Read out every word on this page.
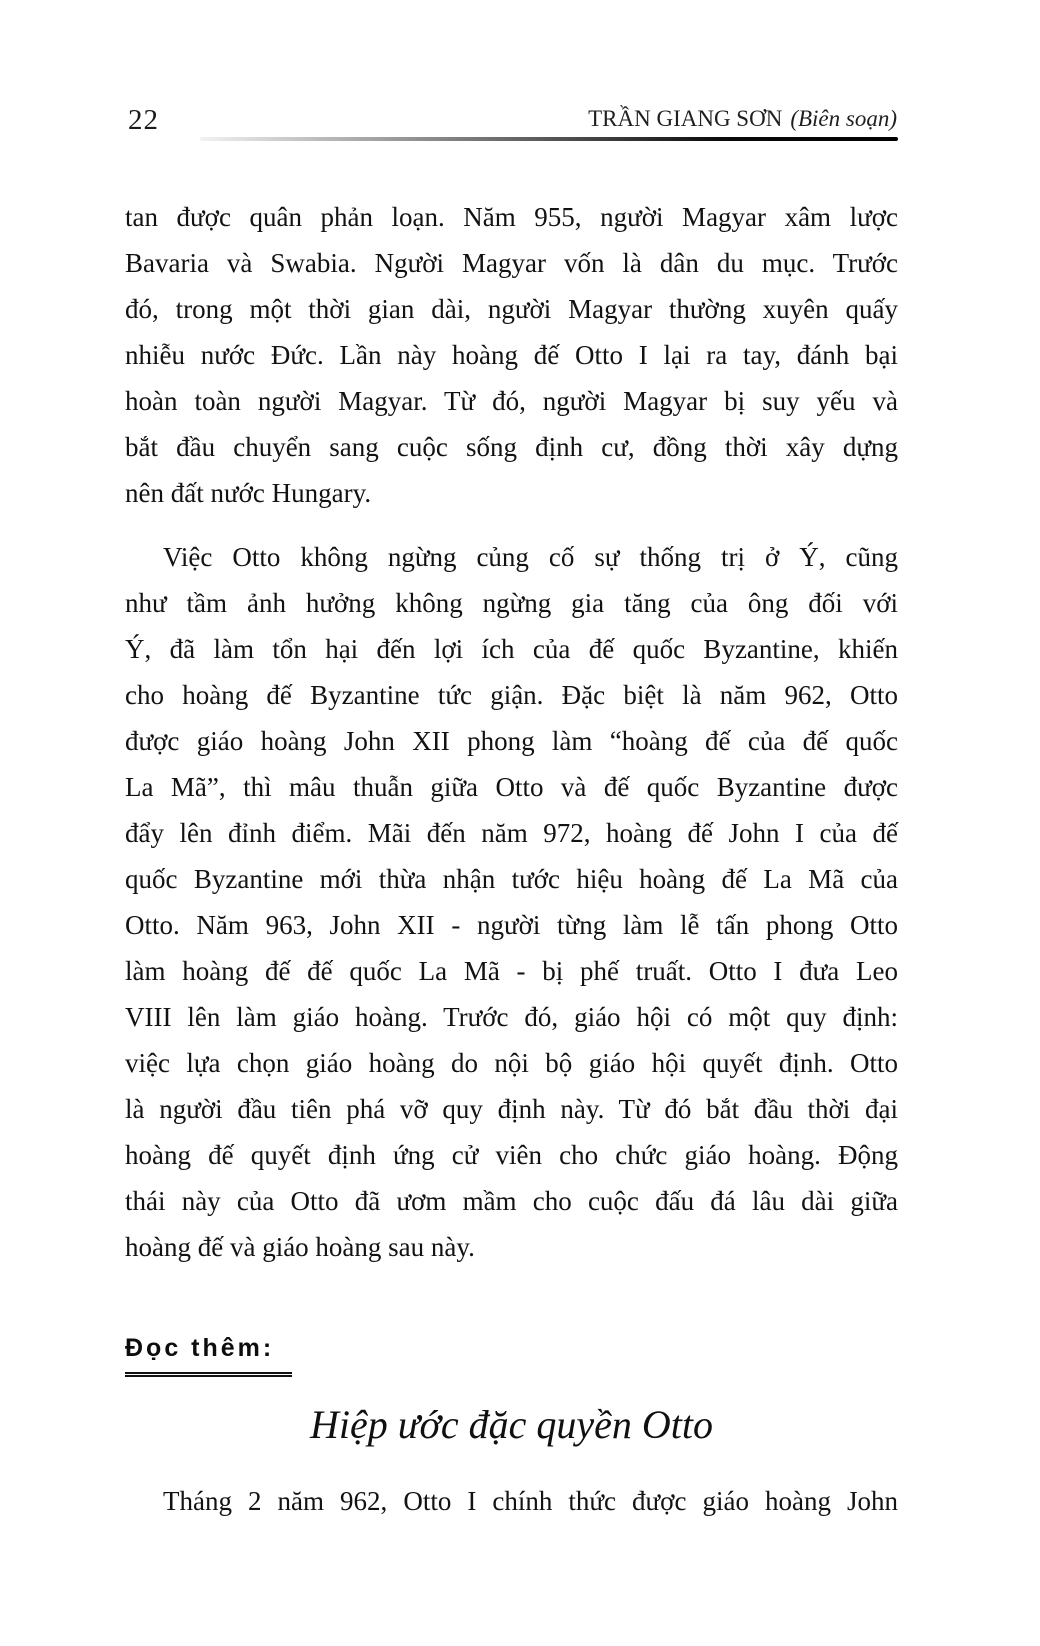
22	TRẦN GIANG SƠN (Biên soạn)
tan được quân phản loạn. Năm 955, người Magyar xâm lược
Bavaria và Swabia. Người Magyar vốn là dân du mục. Trước
đó, trong một thời gian dài, người Magyar thường xuyên quấy
nhiễu nước Đức. Lần này hoàng đế Otto I lại ra tay, đánh bại
hoàn toàn người Magyar. Từ đó, người Magyar bị suy yếu và
bắt đầu chuyển sang cuộc sống định cư, đồng thời xây dựng
nên đất nước Hungary.
Việc Otto không ngừng củng cố sự thống trị ở Ý, cũng
như tầm ảnh hưởng không ngừng gia tăng của ông đối với
Ý, đã làm tổn hại đến lợi ích của đế quốc Byzantine, khiến
cho hoàng đế Byzantine tức giận. Đặc biệt là năm 962, Otto
được giáo hoàng John XII phong làm “hoàng đế của đế quốc
La Mã”, thì mâu thuẫn giữa Otto và đế quốc Byzantine được
đẩy lên đỉnh điểm. Mãi đến năm 972, hoàng đế John I của đế
quốc Byzantine mới thừa nhận tước hiệu hoàng đế La Mã của
Otto. Năm 963, John XII - người từng làm lễ tấn phong Otto
làm hoàng đế đế quốc La Mã - bị phế truất. Otto I đưa Leo
VIII lên làm giáo hoàng. Trước đó, giáo hội có một quy định:
việc lựa chọn giáo hoàng do nội bộ giáo hội quyết định. Otto
là người đầu tiên phá vỡ quy định này. Từ đó bắt đầu thời đại
hoàng đế quyết định ứng cử viên cho chức giáo hoàng. Động
thái này của Otto đã ươm mầm cho cuộc đấu đá lâu dài giữa
hoàng đế và giáo hoàng sau này.
Đọc thêm:
Hiệp ước đặc quyền Otto
Tháng 2 năm 962, Otto I chính thức được giáo hoàng John
